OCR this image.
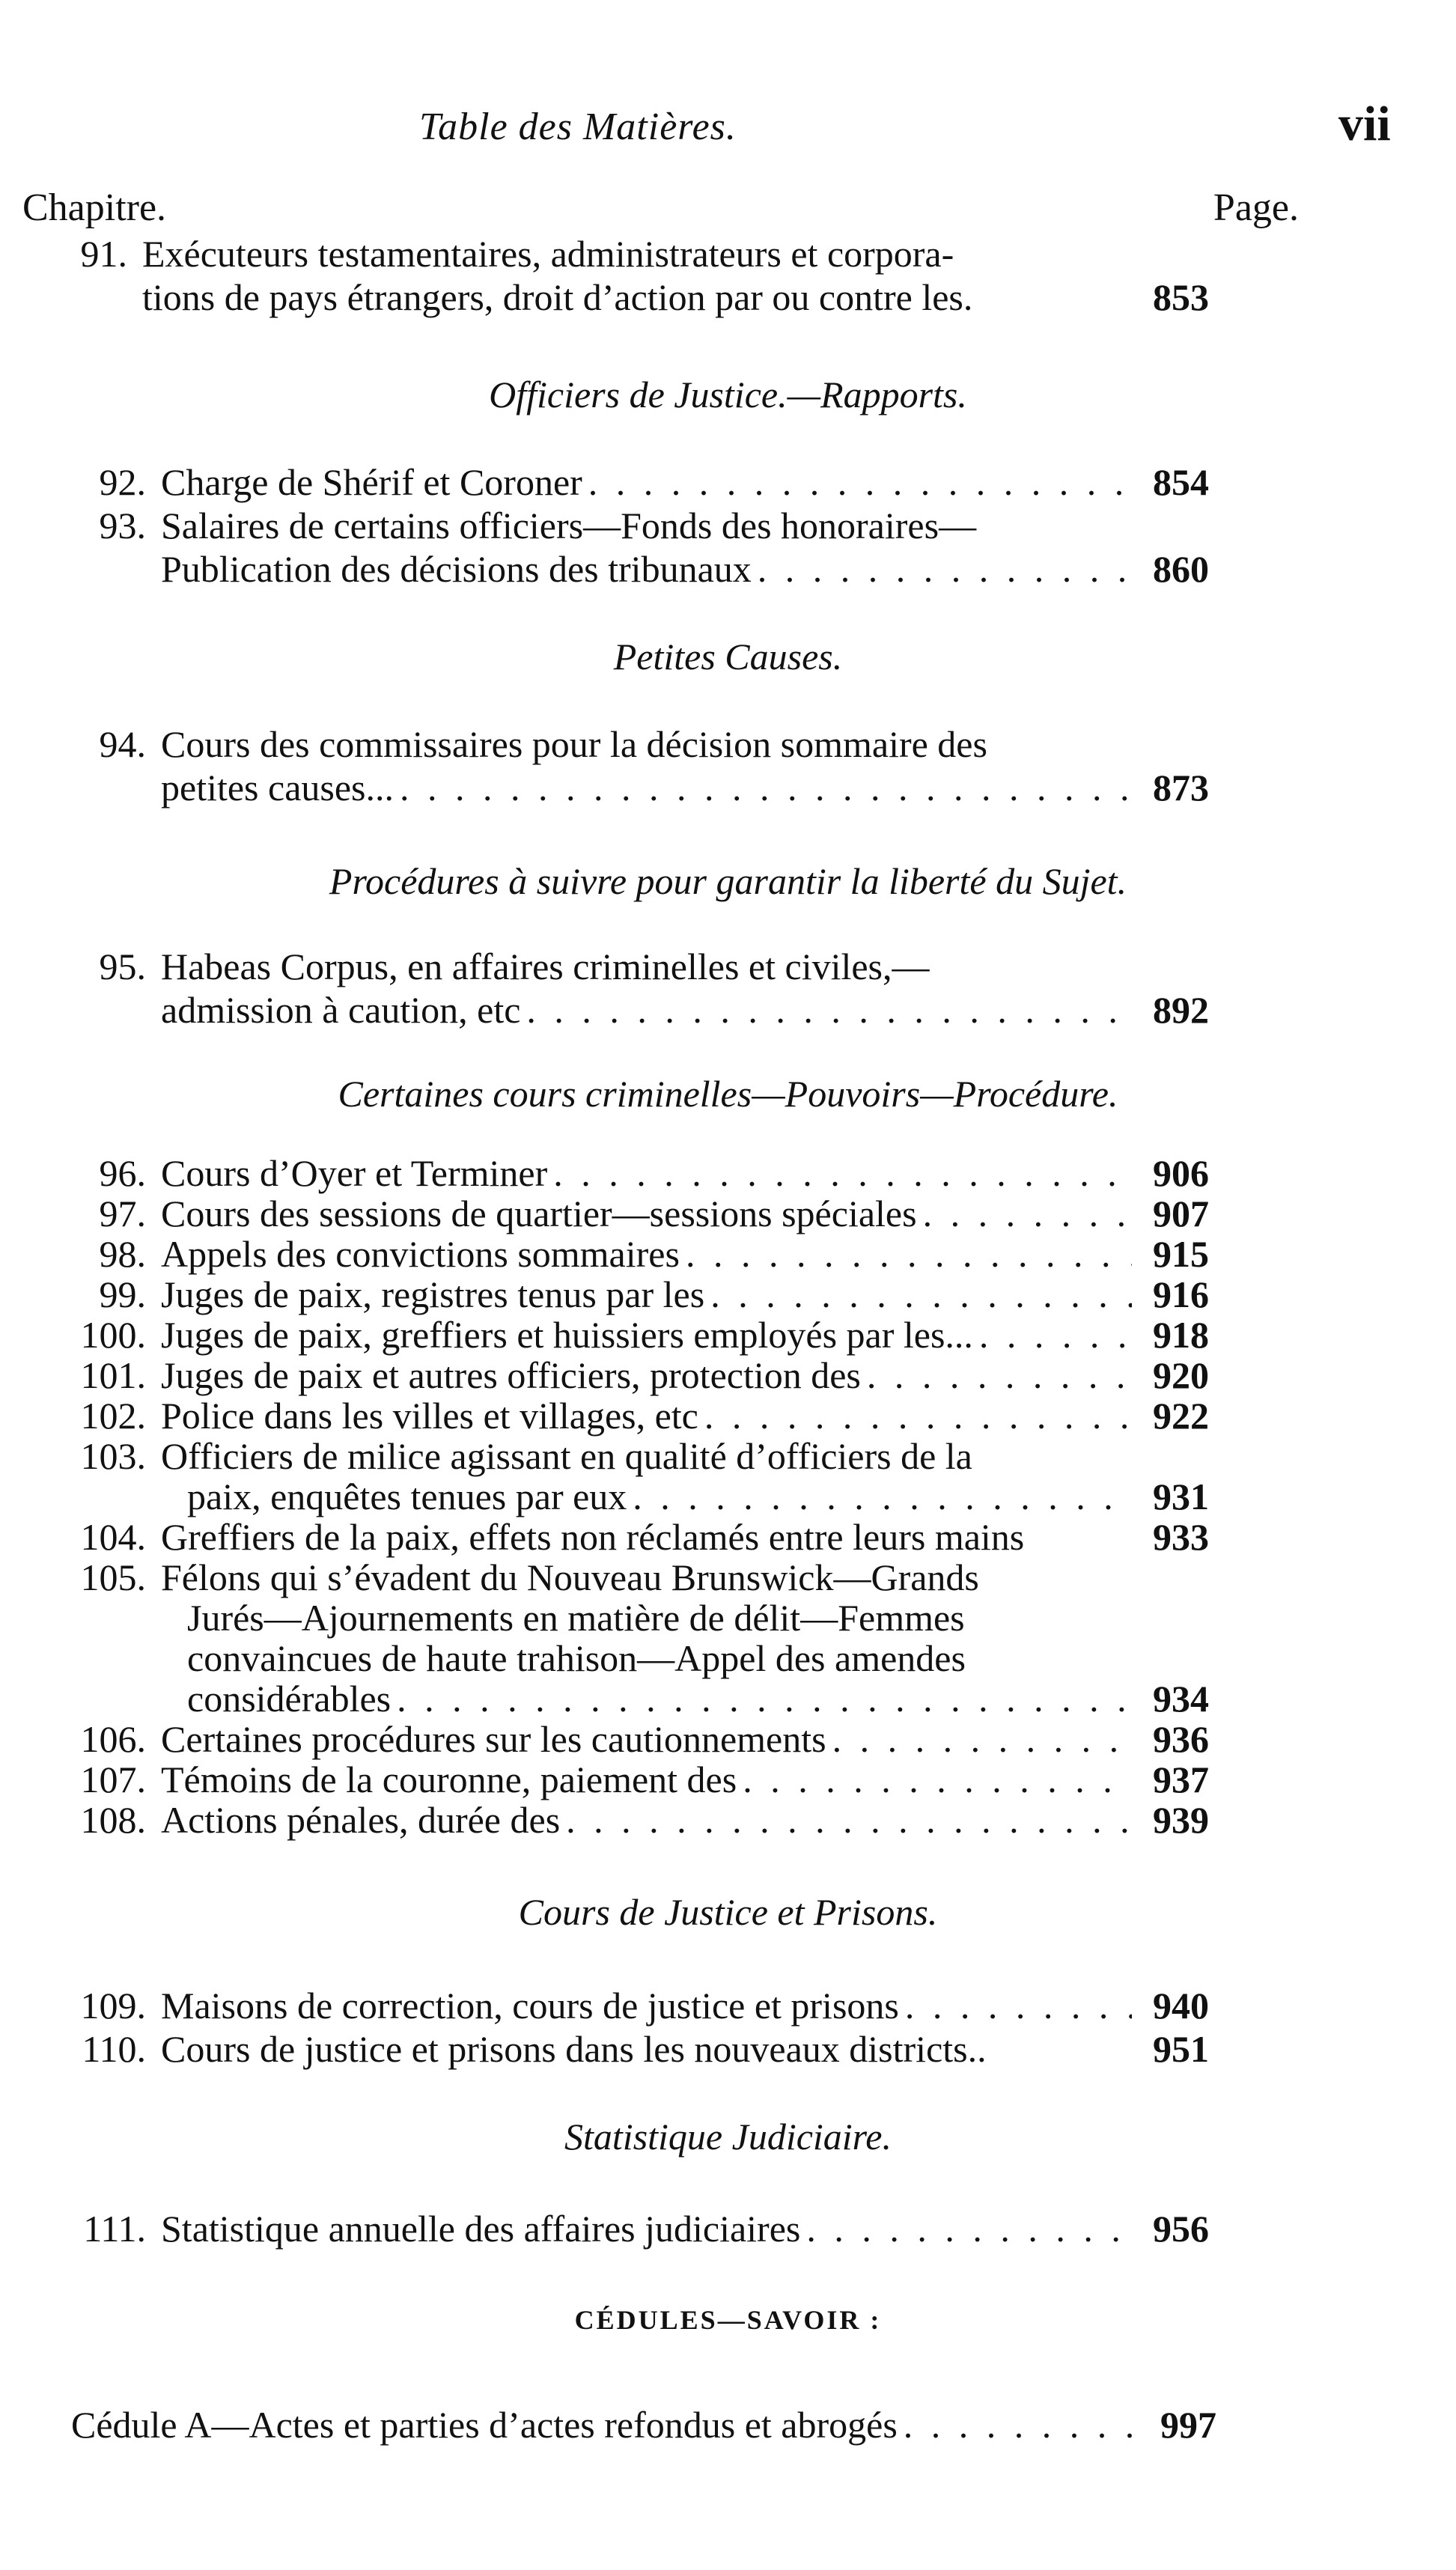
Table des Matières.	vii
Chapitre.	Page.
91. Exécuteurs testamentaires, administrateurs et corpora-
tions de pays étrangers, droit d’action par ou contre les.	853
Officiers de Justice.—Rapports.
92. Charge de Shérif et Coroner . . .	854
93. Salaires de certains officiers—Fonds des honoraires—
Publication des décisions des tribunaux . . .	860
Petites Causes.
94. Cours des commissaires pour la décision sommaire des
petites causes... . . .	873
Procédures à suivre pour garantir la liberté du Sujet.
95. Habeas Corpus, en affaires criminelles et civiles,—
admission à caution, etc . . .	892
Certaines cours criminelles—Pouvoirs—Procédure.
96. Cours d’Oyer et Terminer . . .	906
97. Cours des sessions de quartier—sessions spéciales . . .	907
98. Appels des convictions sommaires . . .	915
99. Juges de paix, registres tenus par les . . .	916
100. Juges de paix, greffiers et huissiers employés par les... . . .	918
101. Juges de paix et autres officiers, protection des . . .	920
102. Police dans les villes et villages, etc . . .	922
103. Officiers de milice agissant en qualité d’officiers de la
paix, enquêtes tenues par eux . . .	931
104. Greffiers de la paix, effets non réclamés entre leurs mains	933
105. Félons qui s’évadent du Nouveau Brunswick—Grands
Jurés—Ajournements en matière de délit—Femmes
convaincues de haute trahison—Appel des amendes
considérables . . .	934
106. Certaines procédures sur les cautionnements . . .	936
107. Témoins de la couronne, paiement des . . .	937
108. Actions pénales, durée des . . .	939
Cours de Justice et Prisons.
109. Maisons de correction, cours de justice et prisons . . .	940
110. Cours de justice et prisons dans les nouveaux districts..	951
Statistique Judiciaire.
111. Statistique annuelle des affaires judiciaires . . .	956
CÉDULES—SAVOIR :
Cédule A—Actes et parties d’actes refondus et abrogés . . .	997
